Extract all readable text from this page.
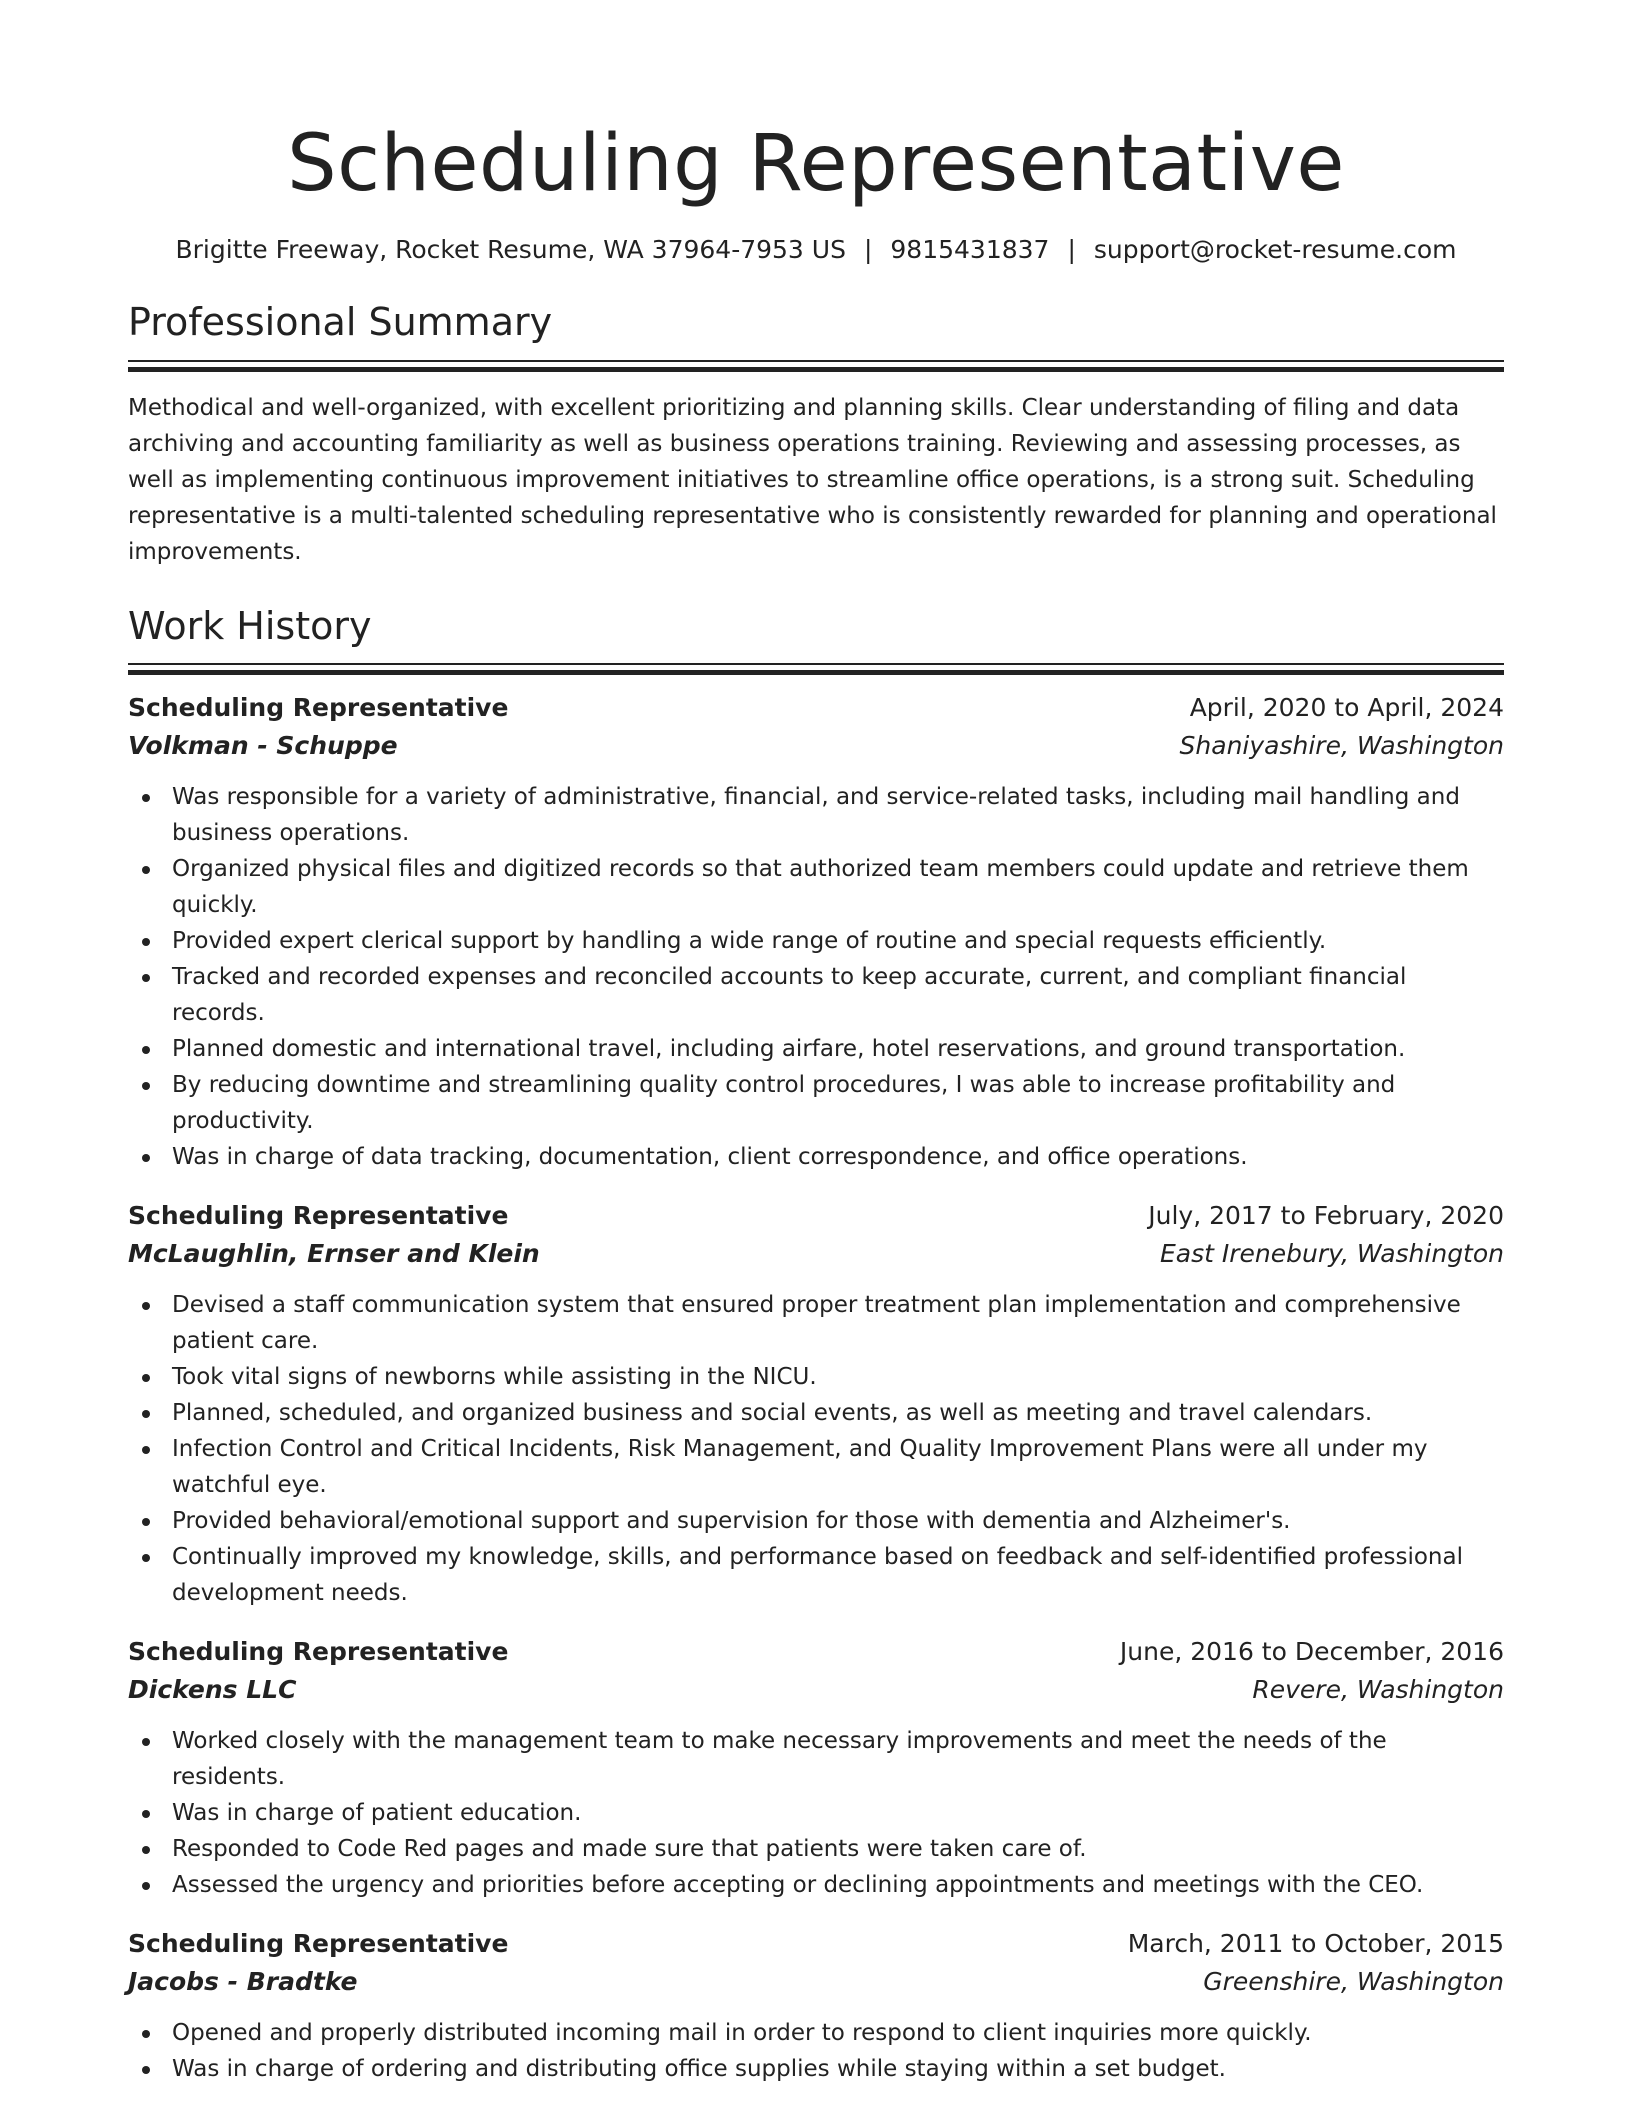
Scheduling Representative
Brigitte Freeway, Rocket Resume, WA 37964-7953 US | 9815431837 | support@rocket-resume.com
Professional Summary

Methodical and well-organized, with excellent prioritizing and planning skills. Clear understanding of filing and data archiving and accounting familiarity as well as business operations training. Reviewing and assessing processes, as well as implementing continuous improvement initiatives to streamline office operations, is a strong suit. Scheduling representative is a multi-talented scheduling representative who is consistently rewarded for planning and operational improvements.

Work History
Scheduling Representative	April, 2020 to April, 2024
Volkman - Schuppe	Shaniyashire, Washington
Was responsible for a variety of administrative, financial, and service-related tasks, including mail handling and business operations.
Organized physical files and digitized records so that authorized team members could update and retrieve them quickly.
Provided expert clerical support by handling a wide range of routine and special requests efficiently.
Tracked and recorded expenses and reconciled accounts to keep accurate, current, and compliant financial records.
Planned domestic and international travel, including airfare, hotel reservations, and ground transportation.
By reducing downtime and streamlining quality control procedures, I was able to increase profitability and productivity.
Was in charge of data tracking, documentation, client correspondence, and office operations.
Scheduling Representative	July, 2017 to February, 2020
McLaughlin, Ernser and Klein	East Irenebury, Washington
Devised a staff communication system that ensured proper treatment plan implementation and comprehensive patient care.
Took vital signs of newborns while assisting in the NICU.
Planned, scheduled, and organized business and social events, as well as meeting and travel calendars.
Infection Control and Critical Incidents, Risk Management, and Quality Improvement Plans were all under my watchful eye.
Provided behavioral/emotional support and supervision for those with dementia and Alzheimer's.
Continually improved my knowledge, skills, and performance based on feedback and self-identified professional development needs.
Scheduling Representative	June, 2016 to December, 2016
Dickens LLC	Revere, Washington
Worked closely with the management team to make necessary improvements and meet the needs of the residents.
Was in charge of patient education.
Responded to Code Red pages and made sure that patients were taken care of.
Assessed the urgency and priorities before accepting or declining appointments and meetings with the CEO.
Scheduling Representative	March, 2011 to October, 2015
Jacobs - Bradtke	Greenshire, Washington
Opened and properly distributed incoming mail in order to respond to client inquiries more quickly.
Was in charge of ordering and distributing office supplies while staying within a set budget.
